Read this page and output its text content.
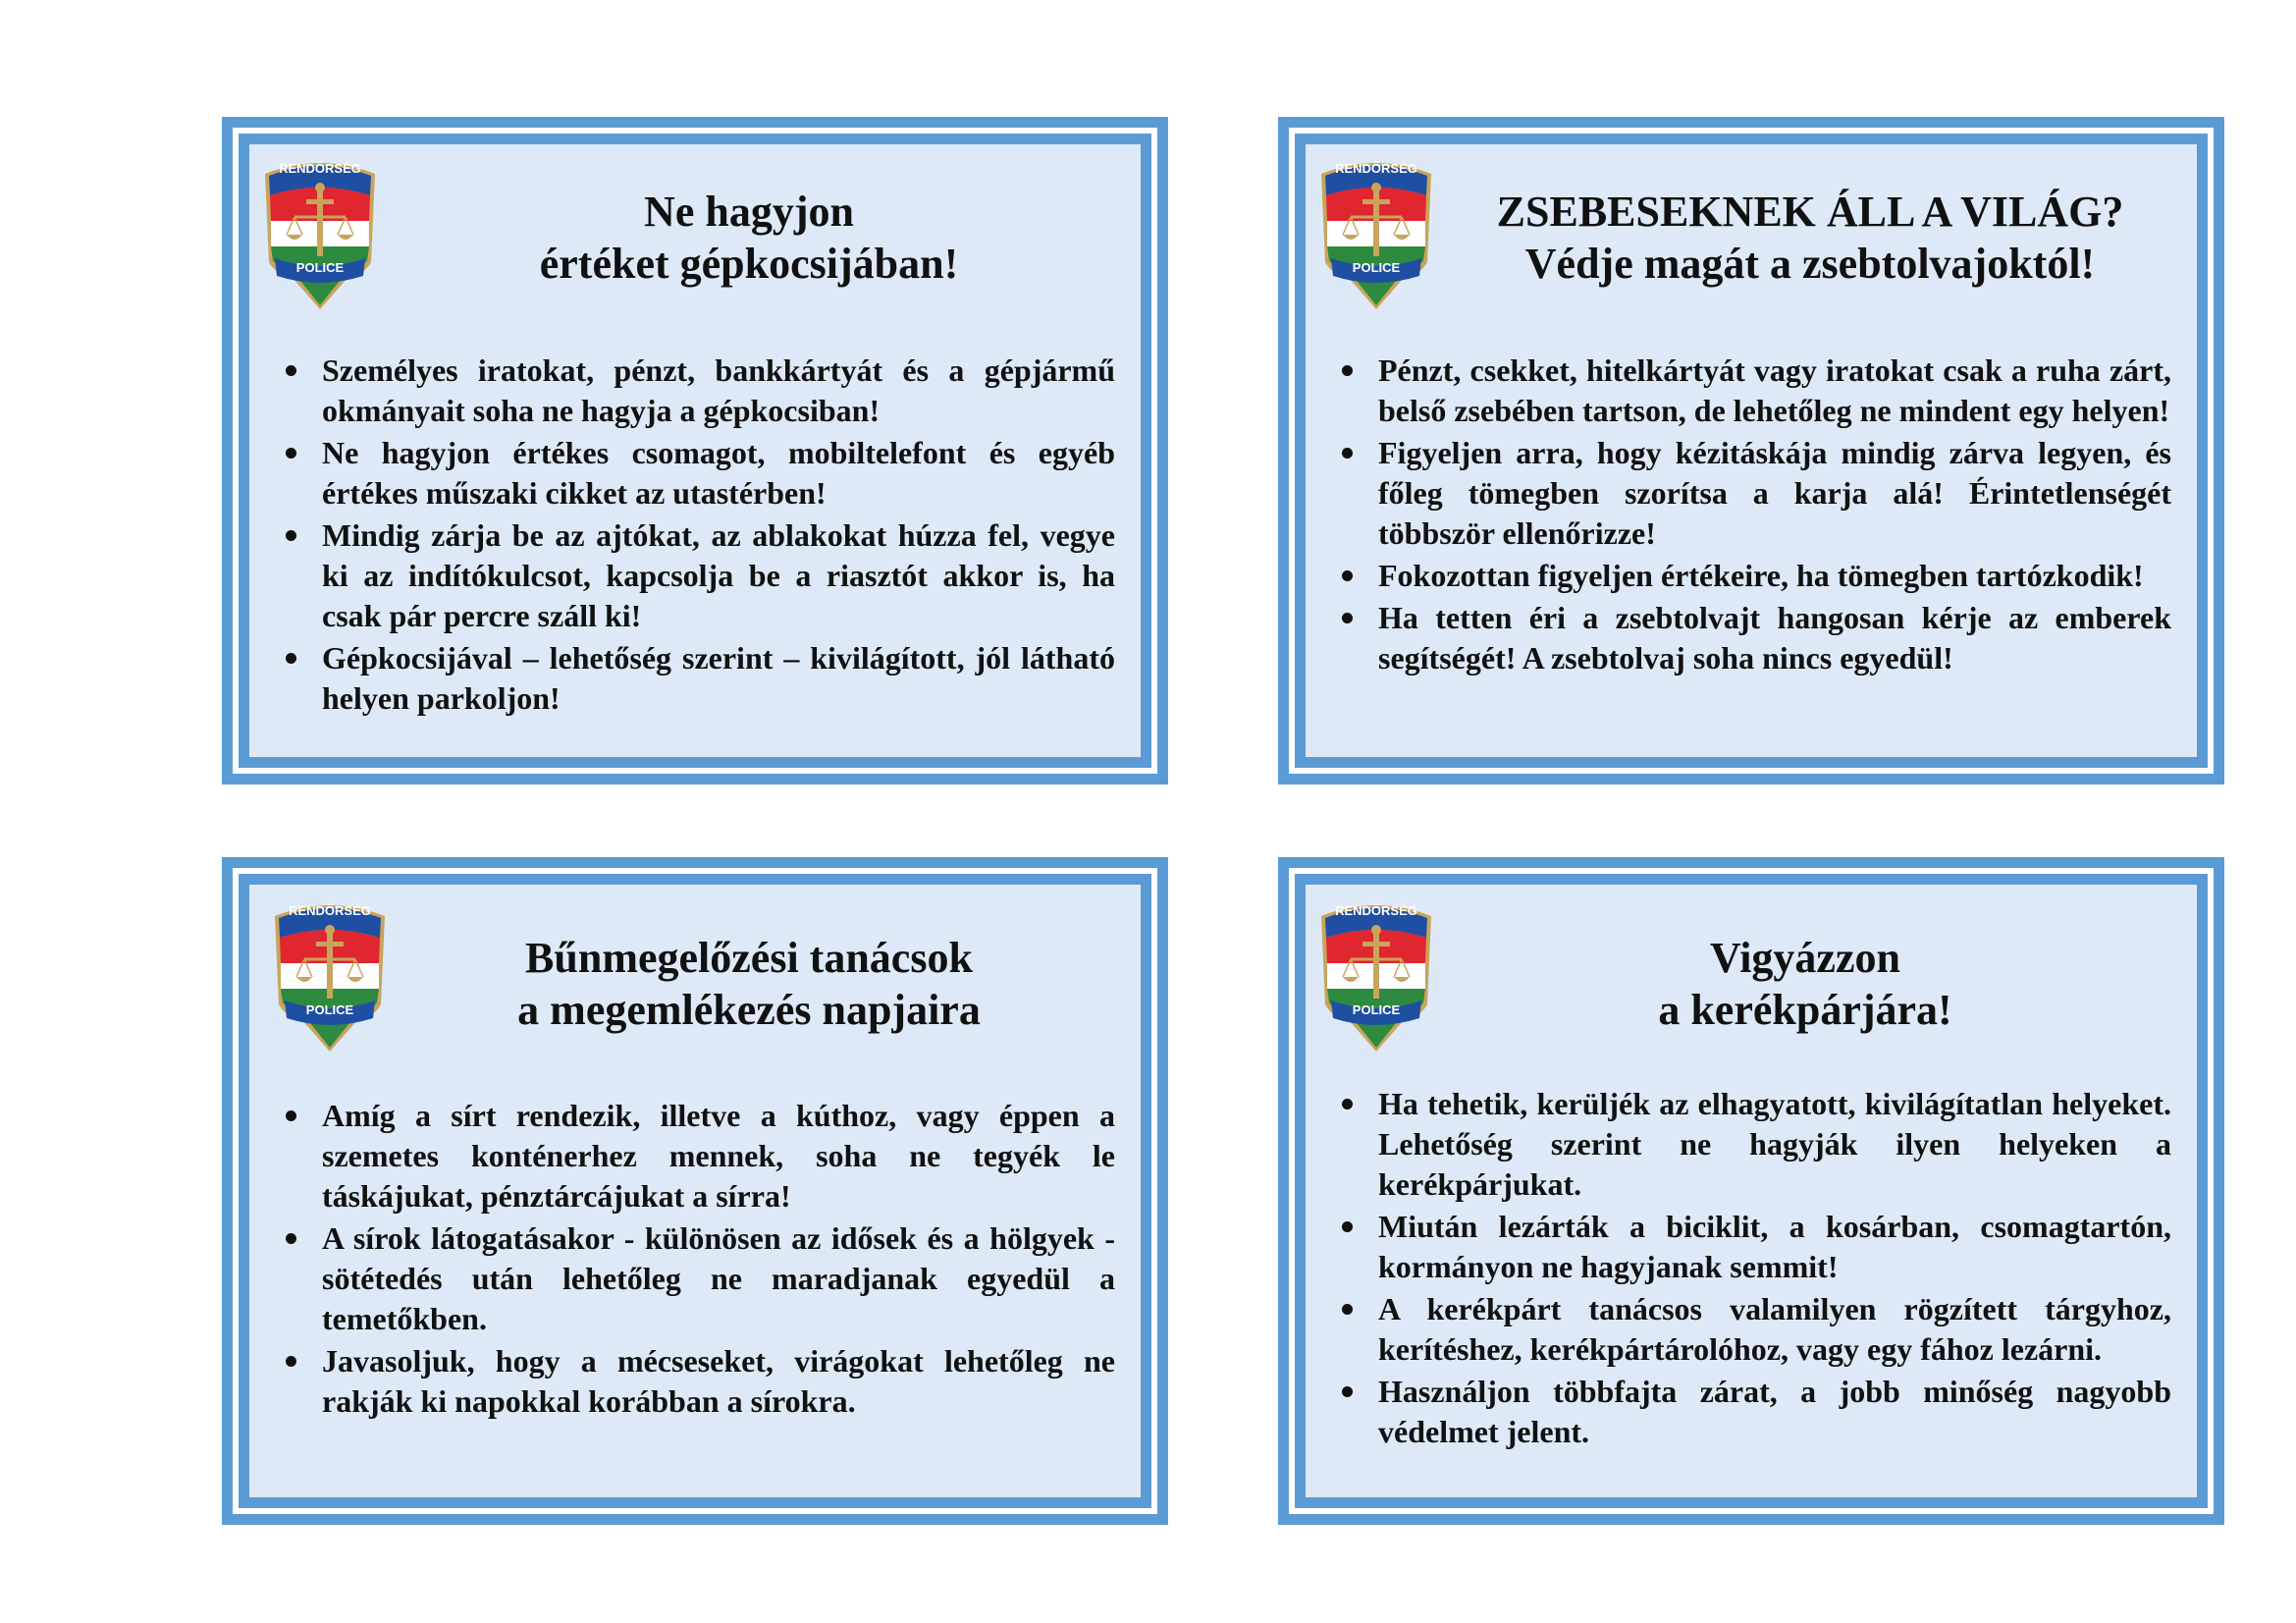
RENDŐRSÉG
POLICE
Ne hagyjon
értéket gépkocsijában!
Személyes iratokat, pénzt, bankkártyát és a gépjármű okmányait soha ne hagyja a gépkocsiban!
Ne hagyjon értékes csomagot, mobiltelefont és egyéb értékes műszaki cikket az utastérben!
Mindig zárja be az ajtókat, az ablakokat húzza fel, vegye ki az indítókulcsot, kapcsolja be a riasztót akkor is, ha csak pár percre száll ki!
Gépkocsijával – lehetőség szerint – kivilágított, jól látható helyen parkoljon!
RENDŐRSÉG
POLICE
ZSEBESEKNEK ÁLL A VILÁG?
Védje magát a zsebtolvajoktól!
Pénzt, csekket, hitelkártyát vagy iratokat csak a ruha zárt, belső zsebében tartson, de lehetőleg ne mindent egy helyen!
Figyeljen arra, hogy kézitáskája mindig zárva legyen, és főleg tömegben szorítsa a karja alá! Érintetlenségét többször ellenőrizze!
Fokozottan figyeljen értékeire, ha tömegben tartózkodik!
Ha tetten éri a zsebtolvajt hangosan kérje az emberek segítségét! A zsebtolvaj soha nincs egyedül!
RENDŐRSÉG
POLICE
Bűnmegelőzési tanácsok
a megemlékezés napjaira
Amíg a sírt rendezik, illetve a kúthoz, vagy éppen a szemetes konténerhez mennek, soha ne tegyék le táskájukat, pénztárcájukat a sírra!
A sírok látogatásakor - különösen az idősek és a hölgyek - sötétedés után lehetőleg ne maradjanak egyedül a temetőkben.
Javasoljuk, hogy a mécseseket, virágokat lehetőleg ne rakják ki napokkal korábban a sírokra.
RENDŐRSÉG
POLICE
Vigyázzon
a kerékpárjára!
Ha tehetik, kerüljék az elhagyatott, kivilágítatlan helyeket. Lehetőség szerint ne hagyják ilyen helyeken a kerékpárjukat.
Miután lezárták a biciklit, a kosárban, csomagtartón, kormányon ne hagyjanak semmit!
A kerékpárt tanácsos valamilyen rögzített tárgyhoz, kerítéshez, kerékpártárolóhoz, vagy egy fához lezárni.
Használjon többfajta zárat, a jobb minőség nagyobb védelmet jelent.
